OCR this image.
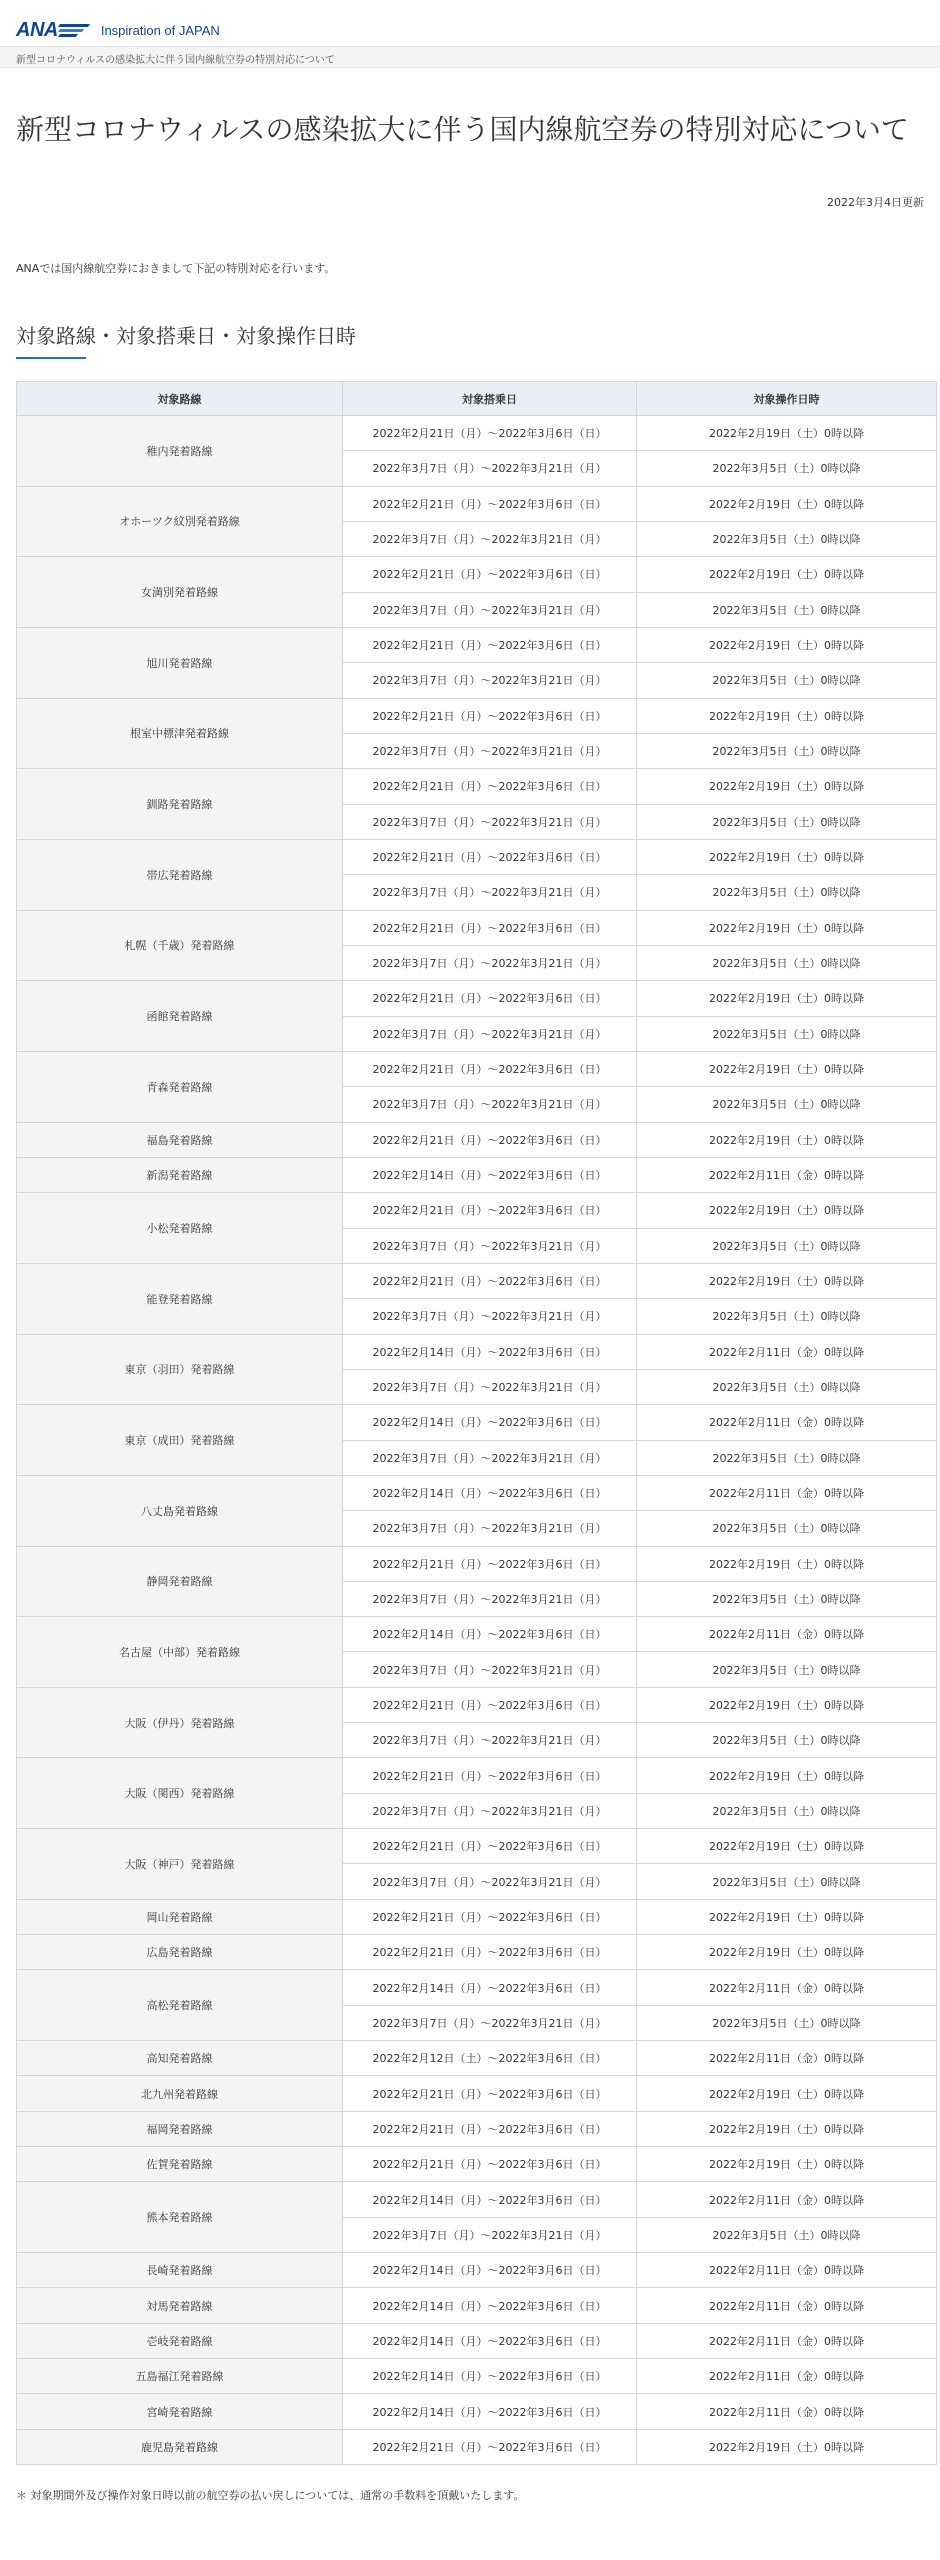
ANA	Inspiration of JAPAN
新型コロナウィルスの感染拡大に伴う国内線航空券の特別対応について
新型コロナウィルスの感染拡大に伴う国内線航空券の特別対応について
2022年3月4日更新

ANAでは国内線航空券におきまして下記の特別対応を行います。

対象路線・対象搭乗日・対象操作日時
対象路線	対象搭乗日	対象操作日時
稚内発着路線	2022年2月21日（月）～2022年3月6日（日）	2022年2月19日（土）0時以降
	2022年3月7日（月）～2022年3月21日（月）	2022年3月5日（土）0時以降
オホーツク紋別発着路線	2022年2月21日（月）～2022年3月6日（日）	2022年2月19日（土）0時以降
	2022年3月7日（月）～2022年3月21日（月）	2022年3月5日（土）0時以降
女満別発着路線	2022年2月21日（月）～2022年3月6日（日）	2022年2月19日（土）0時以降
	2022年3月7日（月）～2022年3月21日（月）	2022年3月5日（土）0時以降
旭川発着路線	2022年2月21日（月）～2022年3月6日（日）	2022年2月19日（土）0時以降
	2022年3月7日（月）～2022年3月21日（月）	2022年3月5日（土）0時以降
根室中標津発着路線	2022年2月21日（月）～2022年3月6日（日）	2022年2月19日（土）0時以降
	2022年3月7日（月）～2022年3月21日（月）	2022年3月5日（土）0時以降
釧路発着路線	2022年2月21日（月）～2022年3月6日（日）	2022年2月19日（土）0時以降
	2022年3月7日（月）～2022年3月21日（月）	2022年3月5日（土）0時以降
帯広発着路線	2022年2月21日（月）～2022年3月6日（日）	2022年2月19日（土）0時以降
	2022年3月7日（月）～2022年3月21日（月）	2022年3月5日（土）0時以降
札幌（千歳）発着路線	2022年2月21日（月）～2022年3月6日（日）	2022年2月19日（土）0時以降
	2022年3月7日（月）～2022年3月21日（月）	2022年3月5日（土）0時以降
函館発着路線	2022年2月21日（月）～2022年3月6日（日）	2022年2月19日（土）0時以降
	2022年3月7日（月）～2022年3月21日（月）	2022年3月5日（土）0時以降
青森発着路線	2022年2月21日（月）～2022年3月6日（日）	2022年2月19日（土）0時以降
	2022年3月7日（月）～2022年3月21日（月）	2022年3月5日（土）0時以降
福島発着路線	2022年2月21日（月）～2022年3月6日（日）	2022年2月19日（土）0時以降
新潟発着路線	2022年2月14日（月）～2022年3月6日（日）	2022年2月11日（金）0時以降
小松発着路線	2022年2月21日（月）～2022年3月6日（日）	2022年2月19日（土）0時以降
	2022年3月7日（月）～2022年3月21日（月）	2022年3月5日（土）0時以降
能登発着路線	2022年2月21日（月）～2022年3月6日（日）	2022年2月19日（土）0時以降
	2022年3月7日（月）～2022年3月21日（月）	2022年3月5日（土）0時以降
東京（羽田）発着路線	2022年2月14日（月）～2022年3月6日（日）	2022年2月11日（金）0時以降
	2022年3月7日（月）～2022年3月21日（月）	2022年3月5日（土）0時以降
東京（成田）発着路線	2022年2月14日（月）～2022年3月6日（日）	2022年2月11日（金）0時以降
	2022年3月7日（月）～2022年3月21日（月）	2022年3月5日（土）0時以降
八丈島発着路線	2022年2月14日（月）～2022年3月6日（日）	2022年2月11日（金）0時以降
	2022年3月7日（月）～2022年3月21日（月）	2022年3月5日（土）0時以降
静岡発着路線	2022年2月21日（月）～2022年3月6日（日）	2022年2月19日（土）0時以降
	2022年3月7日（月）～2022年3月21日（月）	2022年3月5日（土）0時以降
名古屋（中部）発着路線	2022年2月14日（月）～2022年3月6日（日）	2022年2月11日（金）0時以降
	2022年3月7日（月）～2022年3月21日（月）	2022年3月5日（土）0時以降
大阪（伊丹）発着路線	2022年2月21日（月）～2022年3月6日（日）	2022年2月19日（土）0時以降
	2022年3月7日（月）～2022年3月21日（月）	2022年3月5日（土）0時以降
大阪（関西）発着路線	2022年2月21日（月）～2022年3月6日（日）	2022年2月19日（土）0時以降
	2022年3月7日（月）～2022年3月21日（月）	2022年3月5日（土）0時以降
大阪（神戸）発着路線	2022年2月21日（月）～2022年3月6日（日）	2022年2月19日（土）0時以降
	2022年3月7日（月）～2022年3月21日（月）	2022年3月5日（土）0時以降
岡山発着路線	2022年2月21日（月）～2022年3月6日（日）	2022年2月19日（土）0時以降
広島発着路線	2022年2月21日（月）～2022年3月6日（日）	2022年2月19日（土）0時以降
高松発着路線	2022年2月14日（月）～2022年3月6日（日）	2022年2月11日（金）0時以降
	2022年3月7日（月）～2022年3月21日（月）	2022年3月5日（土）0時以降
高知発着路線	2022年2月12日（土）～2022年3月6日（日）	2022年2月11日（金）0時以降
北九州発着路線	2022年2月21日（月）～2022年3月6日（日）	2022年2月19日（土）0時以降
福岡発着路線	2022年2月21日（月）～2022年3月6日（日）	2022年2月19日（土）0時以降
佐賀発着路線	2022年2月21日（月）～2022年3月6日（日）	2022年2月19日（土）0時以降
熊本発着路線	2022年2月14日（月）～2022年3月6日（日）	2022年2月11日（金）0時以降
	2022年3月7日（月）～2022年3月21日（月）	2022年3月5日（土）0時以降
長崎発着路線	2022年2月14日（月）～2022年3月6日（日）	2022年2月11日（金）0時以降
対馬発着路線	2022年2月14日（月）～2022年3月6日（日）	2022年2月11日（金）0時以降
壱岐発着路線	2022年2月14日（月）～2022年3月6日（日）	2022年2月11日（金）0時以降
五島福江発着路線	2022年2月14日（月）～2022年3月6日（日）	2022年2月11日（金）0時以降
宮崎発着路線	2022年2月14日（月）～2022年3月6日（日）	2022年2月11日（金）0時以降
鹿児島発着路線	2022年2月21日（月）～2022年3月6日（日）	2022年2月19日（土）0時以降

＊ 対象期間外及び操作対象日時以前の航空券の払い戻しについては、通常の手数料を頂戴いたします。
